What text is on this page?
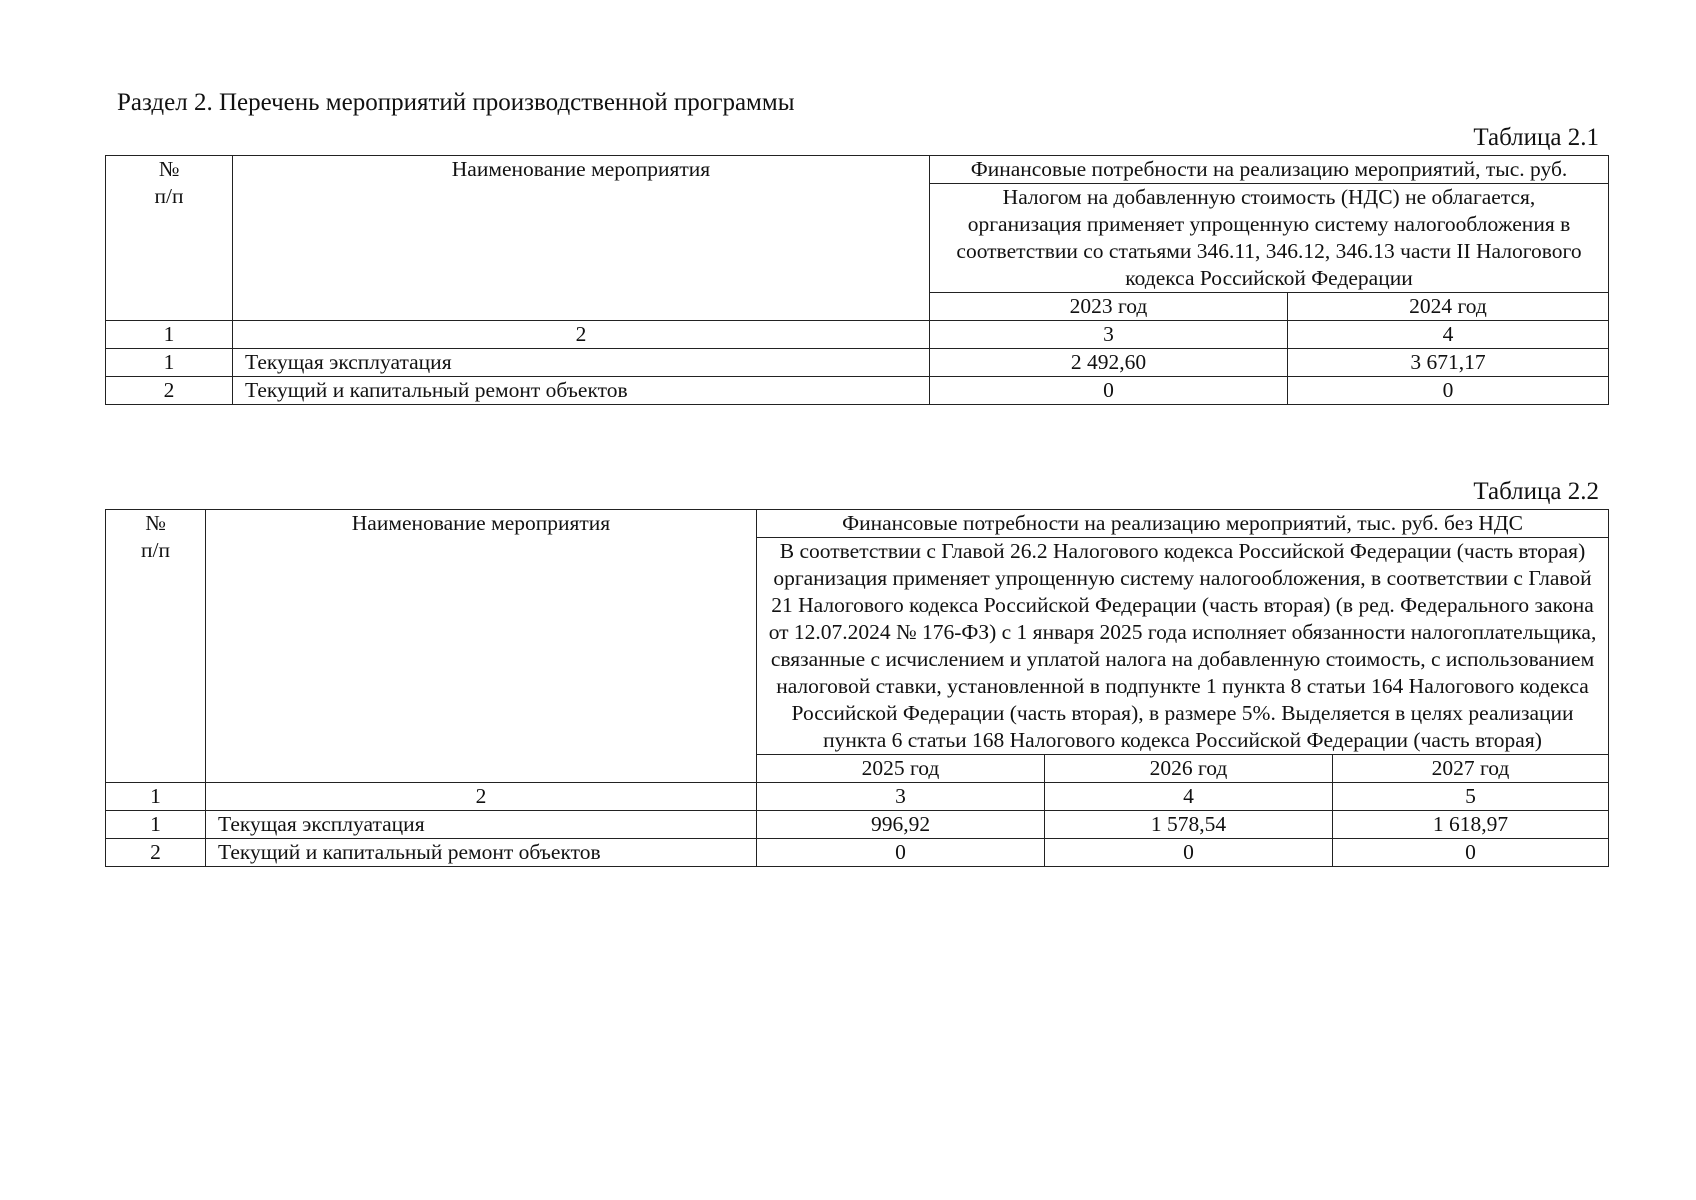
Раздел 2. Перечень мероприятий производственной программы
Таблица 2.1
№
п/п	Наименование мероприятия	Финансовые потребности на реализацию мероприятий, тыс. руб.	
		Налогом на добавленную стоимость (НДС) не облагается, организация применяет упрощенную систему налогообложения в соответствии со статьями 346.11, 346.12, 346.13 части II Налогового кодекса Российской Федерации	
		2023 год	2024 год
1	2	3	4
1	Текущая эксплуатация	2 492,60	3 671,17
2	Текущий и капитальный ремонт объектов	0	0
Таблица 2.2
№
п/п	Наименование мероприятия	Финансовые потребности на реализацию мероприятий, тыс. руб. без НДС		
		В соответствии с Главой 26.2 Налогового кодекса Российской Федерации (часть вторая) организация применяет упрощенную систему налогообложения, в соответствии с Главой 21 Налогового кодекса Российской Федерации (часть вторая) (в ред. Федерального закона от 12.07.2024 № 176-ФЗ) с 1 января 2025 года исполняет обязанности налогоплательщика, связанные с исчислением и уплатой налога на добавленную стоимость, с использованием налоговой ставки, установленной в подпункте 1 пункта 8 статьи 164 Налогового кодекса Российской Федерации (часть вторая), в размере 5%. Выделяется в целях реализации пункта 6 статьи 168 Налогового кодекса Российской Федерации (часть вторая)		
		2025 год	2026 год	2027 год
1	2	3	4	5
1	Текущая эксплуатация	996,92	1 578,54	1 618,97
2	Текущий и капитальный ремонт объектов	0	0	0
